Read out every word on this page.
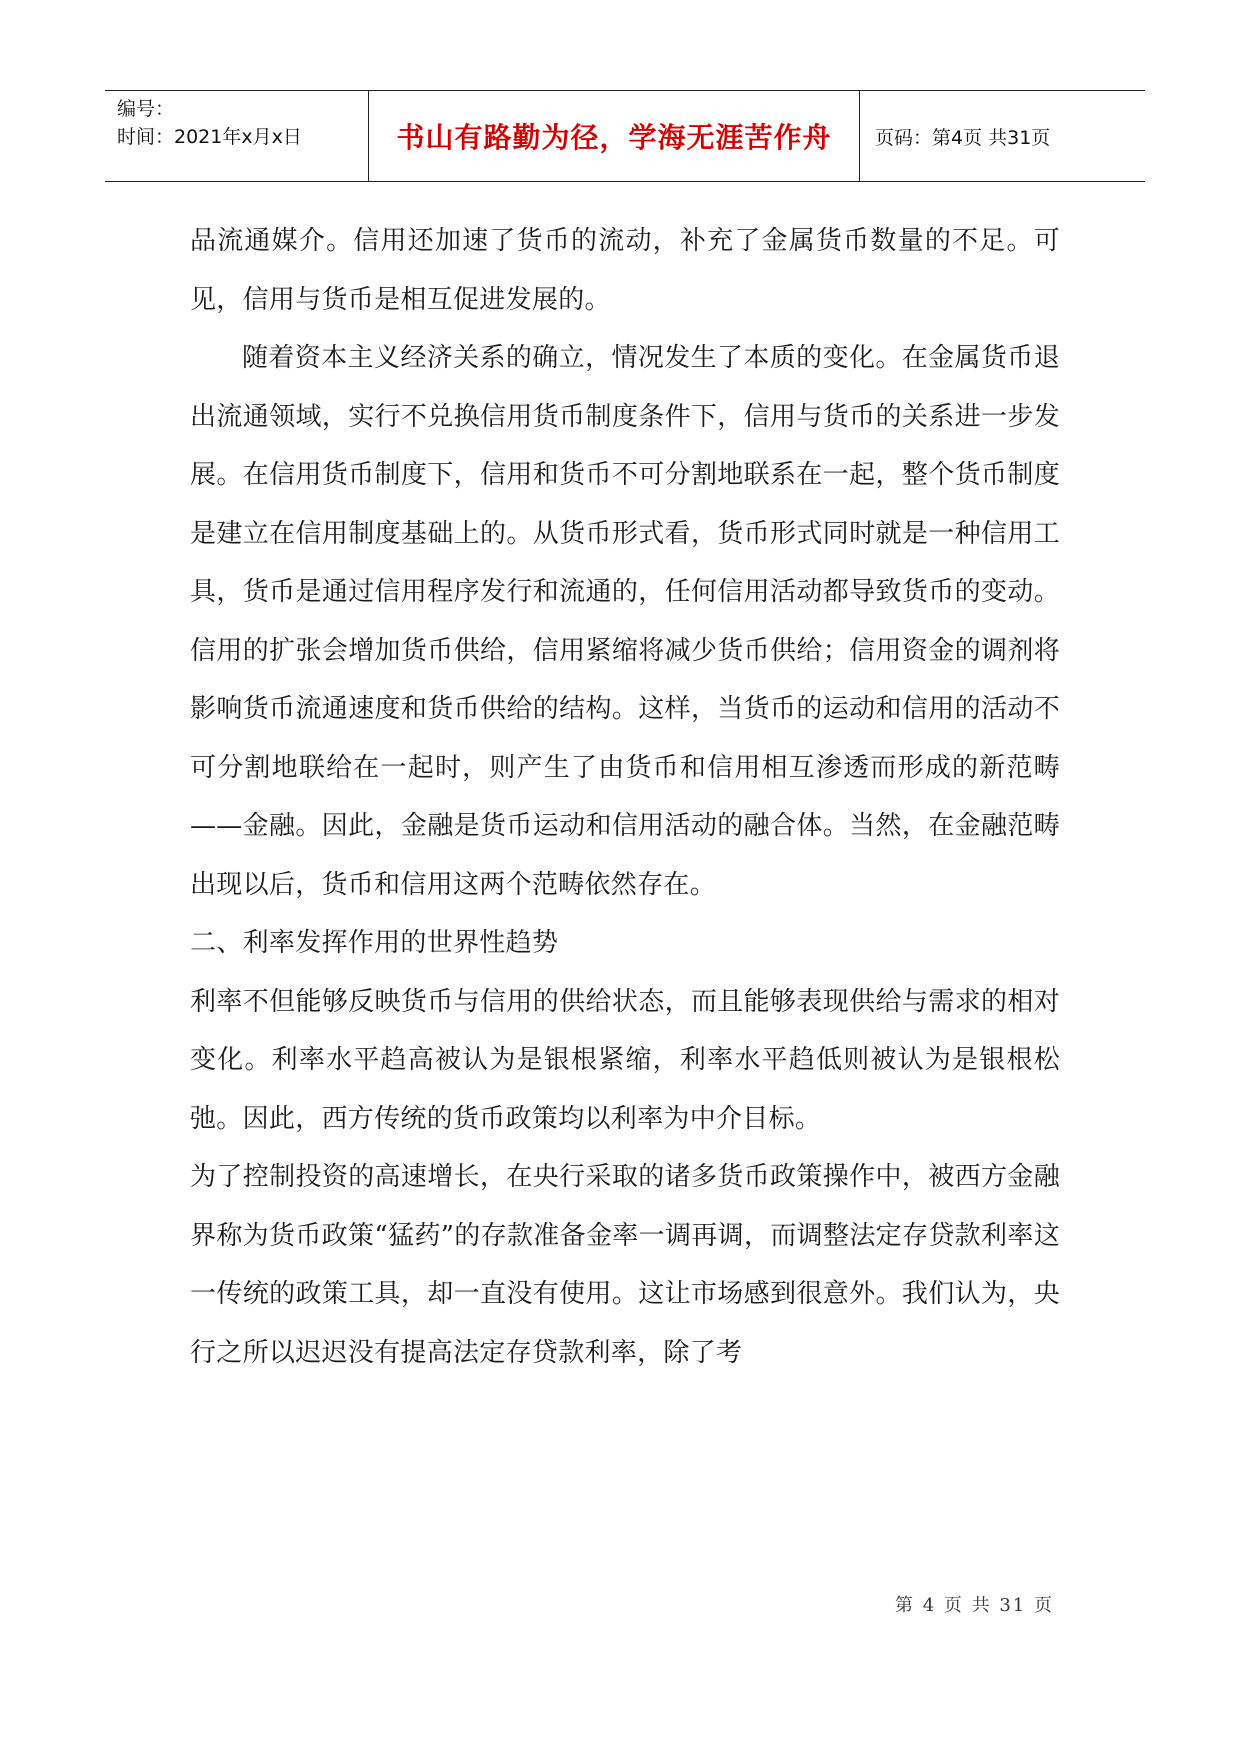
编号：
时间：2021年x月x日	书山有路勤为径，学海无涯苦作舟	页码：第4页 共31页

品流通媒介。信用还加速了货币的流动，补充了金属货币数量的不足。可见，信用与货币是相互促进发展的。

随着资本主义经济关系的确立，情况发生了本质的变化。在金属货币退出流通领域，实行不兑换信用货币制度条件下，信用与货币的关系进一步发展。在信用货币制度下，信用和货币不可分割地联系在一起，整个货币制度是建立在信用制度基础上的。从货币形式看，货币形式同时就是一种信用工具，货币是通过信用程序发行和流通的，任何信用活动都导致货币的变动。信用的扩张会增加货币供给，信用紧缩将减少货币供给；信用资金的调剂将影响货币流通速度和货币供给的结构。这样，当货币的运动和信用的活动不可分割地联给在一起时，则产生了由货币和信用相互渗透而形成的新范畴——金融。因此，金融是货币运动和信用活动的融合体。当然，在金融范畴出现以后，货币和信用这两个范畴依然存在。

二、利率发挥作用的世界性趋势

利率不但能够反映货币与信用的供给状态，而且能够表现供给与需求的相对变化。利率水平趋高被认为是银根紧缩，利率水平趋低则被认为是银根松弛。因此，西方传统的货币政策均以利率为中介目标。

为了控制投资的高速增长，在央行采取的诸多货币政策操作中，被西方金融界称为货币政策“猛药”的存款准备金率一调再调，而调整法定存贷款利率这一传统的政策工具，却一直没有使用。这让市场感到很意外。我们认为，央行之所以迟迟没有提高法定存贷款利率，除了考

第 4 页 共 31 页
